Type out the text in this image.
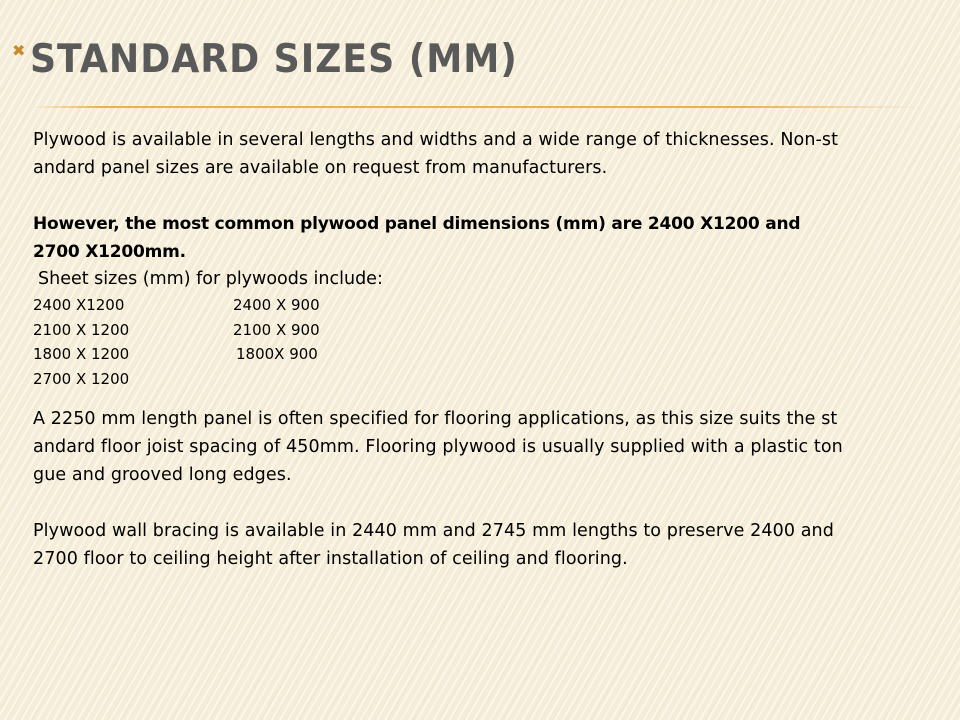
✖ STANDARD SIZES (MM)

Plywood is available in several lengths and widths and a wide range of thicknesses. Non-st

andard panel sizes are available on request from manufacturers.

However, the most common plywood panel dimensions (mm) are 2400 X1200 and

2700 X1200mm.

Sheet sizes (mm) for plywoods include:

2400 X1200	2400 X 900
2100 X 1200	2100 X 900
1800 X 1200	1800X 900
2700 X 1200

A 2250 mm length panel is often specified for flooring applications, as this size suits the st

andard floor joist spacing of 450mm. Flooring plywood is usually supplied with a plastic ton

gue and grooved long edges.

Plywood wall bracing is available in 2440 mm and 2745 mm lengths to preserve 2400 and

2700 floor to ceiling height after installation of ceiling and flooring.
